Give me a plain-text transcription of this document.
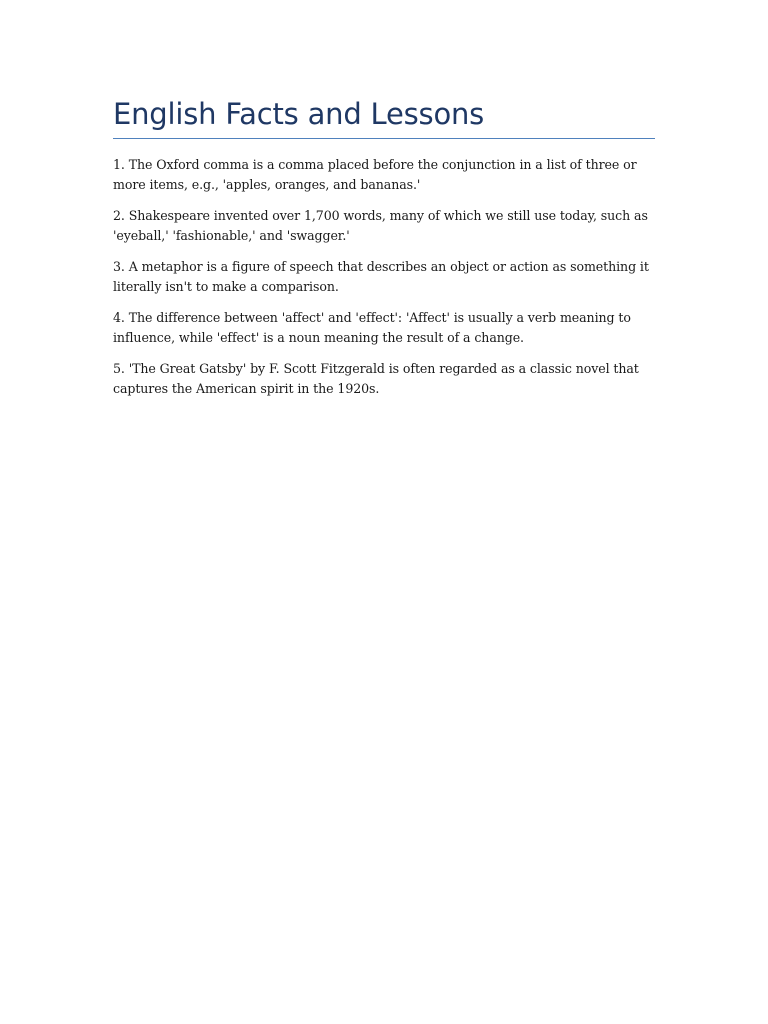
English Facts and Lessons

1. The Oxford comma is a comma placed before the conjunction in a list of three or more items, e.g., 'apples, oranges, and bananas.'

2. Shakespeare invented over 1,700 words, many of which we still use today, such as 'eyeball,' 'fashionable,' and 'swagger.'

3. A metaphor is a figure of speech that describes an object or action as something it literally isn't to make a comparison.

4. The difference between 'affect' and 'effect': 'Affect' is usually a verb meaning to influence, while 'effect' is a noun meaning the result of a change.

5. 'The Great Gatsby' by F. Scott Fitzgerald is often regarded as a classic novel that captures the American spirit in the 1920s.
